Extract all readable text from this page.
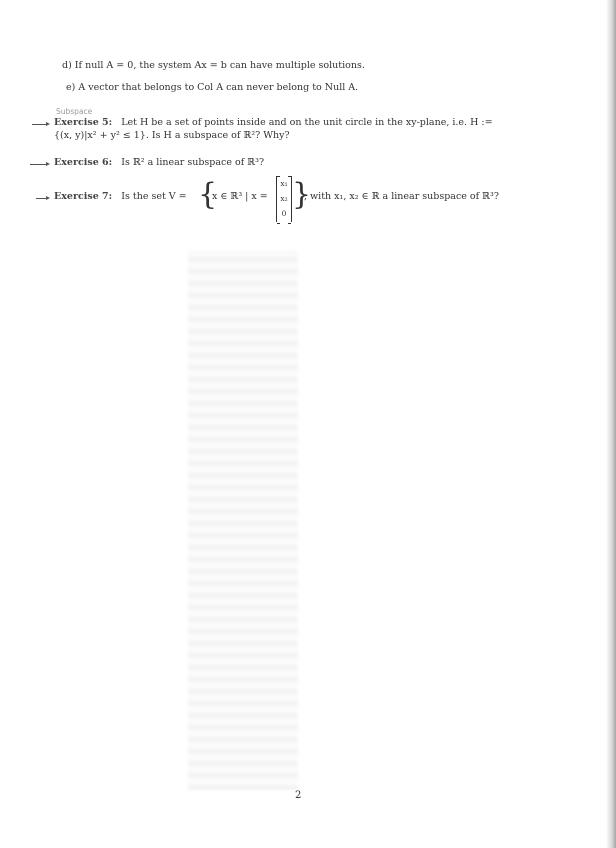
d) If null A = 0, the system Ax = b can have multiple solutions.
e) A vector that belongs to Col A can never belong to Null A.
Subspace
Exercise 5: Let H be a set of points inside and on the unit circle in the xy-plane, i.e. H :=
{(x, y)|x² + y² ≤ 1}. Is H a subspace of ℝ²? Why?
Exercise 6: Is ℝ² a linear subspace of ℝ³?
Exercise 7: Is the set V = {
x ∈ ℝ³ | x =
x₁
x₂
0
}
, with x₁, x₂ ∈ ℝ a linear subspace of ℝ³?
2
